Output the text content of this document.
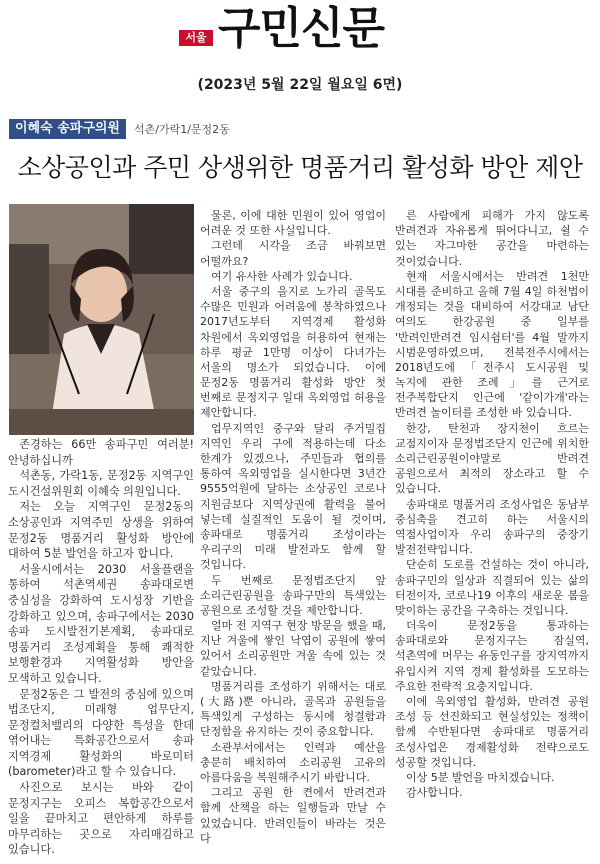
서울 구민신문
(2023년 5월 22일 월요일 6면)
이혜숙 송파구의원	석촌/가락1/문정2동
소상공인과 주민 상생위한 명품거리 활성화 방안 제안

존경하는 66만 송파구민 여러분! 안녕하십니까

석촌동, 가락1동, 문정2동 지역구인 도시건설위원회 이혜숙 의원입니다.

저는 오늘 지역구인 문정2동의 소상공인과 지역주민 상생을 위하여 문정2동 명품거리 활성화 방안에 대하여 5분 발언을 하고자 합니다.

서울시에서는 2030 서울플랜을 통하여 석촌역세권 송파대로변 중심성을 강화하여 도시성장 기반을 강화하고 있으며, 송파구에서는 2030 송파 도시발전기본계획, 송파대로 명품거리 조성계획을 통해 쾌적한 보행환경과 지역활성화 방안을 모색하고 있습니다.

문정2동은 그 발전의 중심에 있으며 법조단지, 미래형 업무단지, 문정컬처밸리의 다양한 특성을 한데 엮어내는 특화공간으로서 송파 지역경제 활성화의 바로미터(barometer)라고 할 수 있습니다.

사진으로 보시는 바와 같이 문정지구는 오피스 복합공간으로서 일을 끝마치고 편안하게 하루를 마무리하는 곳으로 자리매김하고 있습니다.

물론, 이에 대한 민원이 있어 영업이 어려운 것 또한 사실입니다.

그런데 시각을 조금 바꿔보면 어떨까요?

여기 유사한 사례가 있습니다.

서울 중구의 을지로 노가리 골목도 수많은 민원과 어려움에 봉착하였으나 2017년도부터 지역경제 활성화 차원에서 옥외영업을 허용하여 현재는 하루 평균 1만명 이상이 다녀가는 서울의 명소가 되었습니다. 이에 문정2동 명품거리 활성화 방안 첫 번째로 문정지구 일대 옥외영업 허용을 제안합니다.

업무지역인 중구와 달리 주거밀집 지역인 우리 구에 적용하는데 다소 한계가 있겠으나, 주민들과 협의를 통하여 옥외영업을 실시한다면 3년간 9555억원에 달하는 소상공인 코로나 지원금보다 지역상권에 활력을 불어 넣는데 실질적인 도움이 될 것이며, 송파대로 명품거리 조성이라는 우리구의 미래 발전과도 함께 할 것입니다.

두 번째로 문정법조단지 앞 소리근린공원을 송파구만의 특색있는 공원으로 조성할 것을 제안합니다.

얼마 전 지역구 현장 방문을 했을 때, 지난 겨울에 쌓인 낙엽이 공원에 쌓여 있어서 소리공원만 겨울 속에 있는 것 같았습니다.

명품거리를 조성하기 위해서는 대로(大路)뿐 아니라, 골목과 공원들을 특색있게 구성하는 동시에 청결함과 단정함을 유지하는 것이 중요합니다.

소관부서에서는 인력과 예산을 충분히 배치하여 소리공원 고유의 아름다움을 복원해주시기 바랍니다.

그리고 공원 한 켠에서 반려견과 함께 산책을 하는 일행들과 만날 수 있었습니다. 반려인들이 바라는 것은 다

른 사람에게 피해가 가지 않도록 반려견과 자유롭게 뛰어다니고, 쉴 수 있는 자그마한 공간을 마련하는 것이었습니다.

현재 서울시에서는 반려견 1천만 시대를 준비하고 올해 7월 4일 하천법이 개정되는 것을 대비하여 서강대교 남단 여의도 한강공원 중 일부를 '반려인반려견 임시쉼터'를 4월 말까지 시범운영하였으며, 전북전주시에서는 2018년도에 「전주시 도시공원 및 녹지에 관한 조례」를 근거로 전주복합단지 인근에 '같이가개'라는 반려견 놀이터를 조성한 바 있습니다.

한강, 탄천과 장지천이 흐르는 교점지이자 문정법조단지 인근에 위치한 소리근린공원이야말로 반려견 공원으로서 최적의 장소라고 할 수 있습니다.

송파대로 명품거리 조성사업은 동남부 중심축을 견고히 하는 서울시의 역점사업이자 우리 송파구의 중장기 발전전략입니다.

단순히 도로를 건설하는 것이 아니라, 송파구민의 일상과 직결되어 있는 삶의 터전이자, 코로나19 이후의 새로운 봄을 맞이하는 공간을 구축하는 것입니다.

더욱이 문정2동을 통과하는 송파대로와 문정지구는 잠실역, 석촌역에 머무는 유동인구를 장지역까지 유입시켜 지역 경제 활성화를 도모하는 주요한 전략적 요충지입니다.

이에 옥외영업 활성화, 반려견 공원 조성 등 선진화되고 현실성있는 정책이 함께 수반된다면 송파대로 명품거리 조성사업은 경제활성화 전략으로도 성공할 것입니다.

이상 5분 발언을 마치겠습니다.

감사합니다.
